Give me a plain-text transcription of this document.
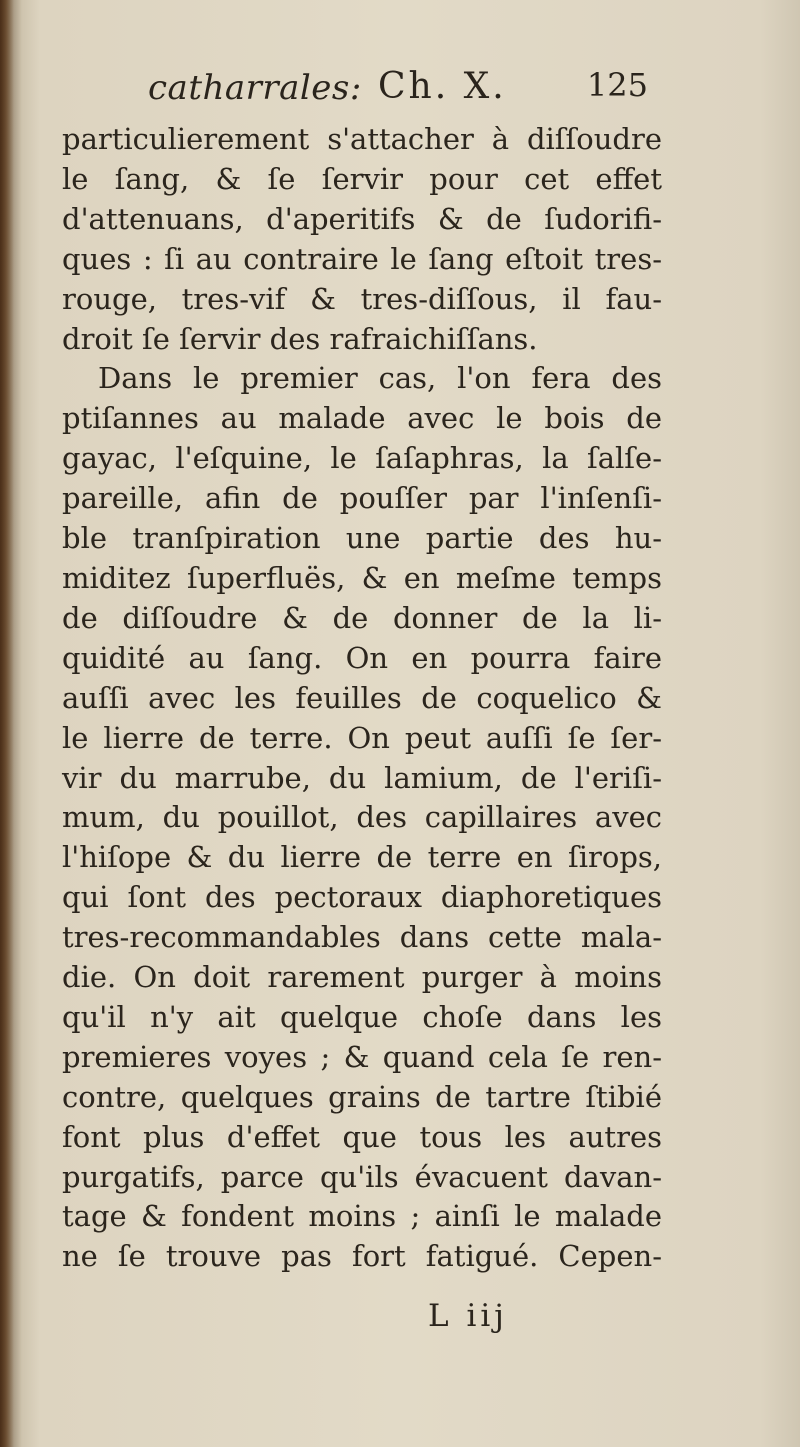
catharrales: Ch. X.	125
particulierement s'attacher à diſſoudre
le ſang, & ſe ſervir pour cet effet
d'attenuans, d'aperitifs & de ſudorifi-
ques : ſi au contraire le ſang eſtoit tres-
rouge, tres-vif & tres-diſſous, il fau-
droit ſe ſervir des rafraichiſſans.
Dans le premier cas, l'on fera des
ptiſannes au malade avec le bois de
gayac, l'eſquine, le ſaſaphras, la ſalſe-
pareille, afin de pouſſer par l'inſenſi-
ble tranſpiration une partie des hu-
miditez ſuperfluës, & en meſme temps
de diſſoudre & de donner de la li-
quidité au ſang. On en pourra faire
auſſi avec les feuilles de coquelico &
le lierre de terre. On peut auſſi ſe ſer-
vir du marrube, du lamium, de l'eriſi-
mum, du pouillot, des capillaires avec
l'hiſope & du lierre de terre en ſirops,
qui ſont des pectoraux diaphoretiques
tres-recommandables dans cette mala-
die. On doit rarement purger à moins
qu'il n'y ait quelque choſe dans les
premieres voyes ; & quand cela ſe ren-
contre, quelques grains de tartre ſtibié
font plus d'effet que tous les autres
purgatifs, parce qu'ils évacuent davan-
tage & fondent moins ; ainſi le malade
ne ſe trouve pas fort fatigué. Cepen-
L iij
